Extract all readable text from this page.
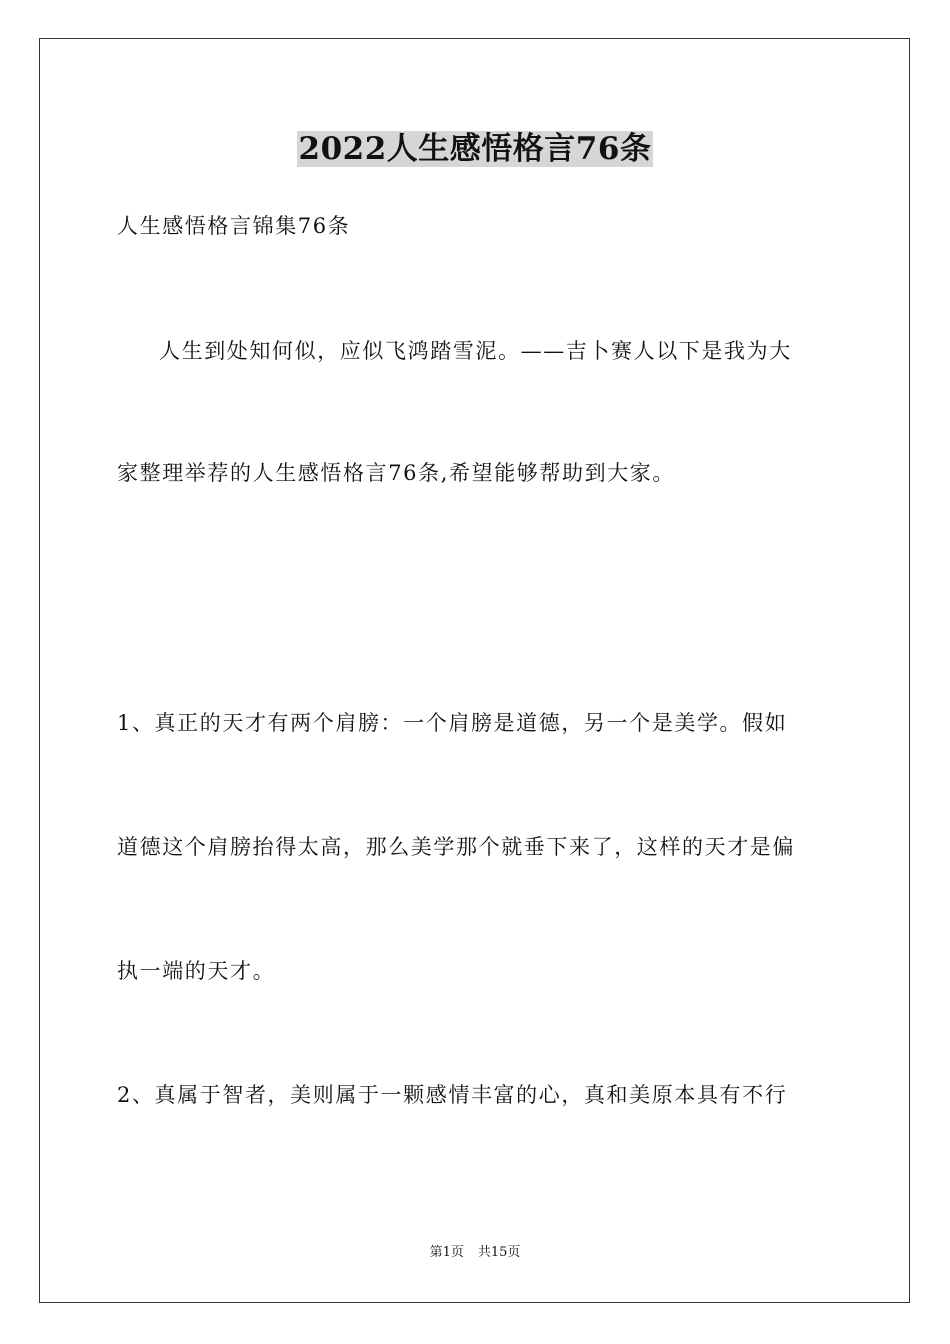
2022人生感悟格言76条
人生感悟格言锦集76条
人生到处知何似，应似飞鸿踏雪泥。——吉卜赛人以下是我为大
家整理举荐的人生感悟格言76条,希望能够帮助到大家。
1、真正的天才有两个肩膀：一个肩膀是道德，另一个是美学。假如
道德这个肩膀抬得太高，那么美学那个就垂下来了，这样的天才是偏
执一端的天才。
2、真属于智者，美则属于一颗感情丰富的心，真和美原本具有不行
第1页 共15页
